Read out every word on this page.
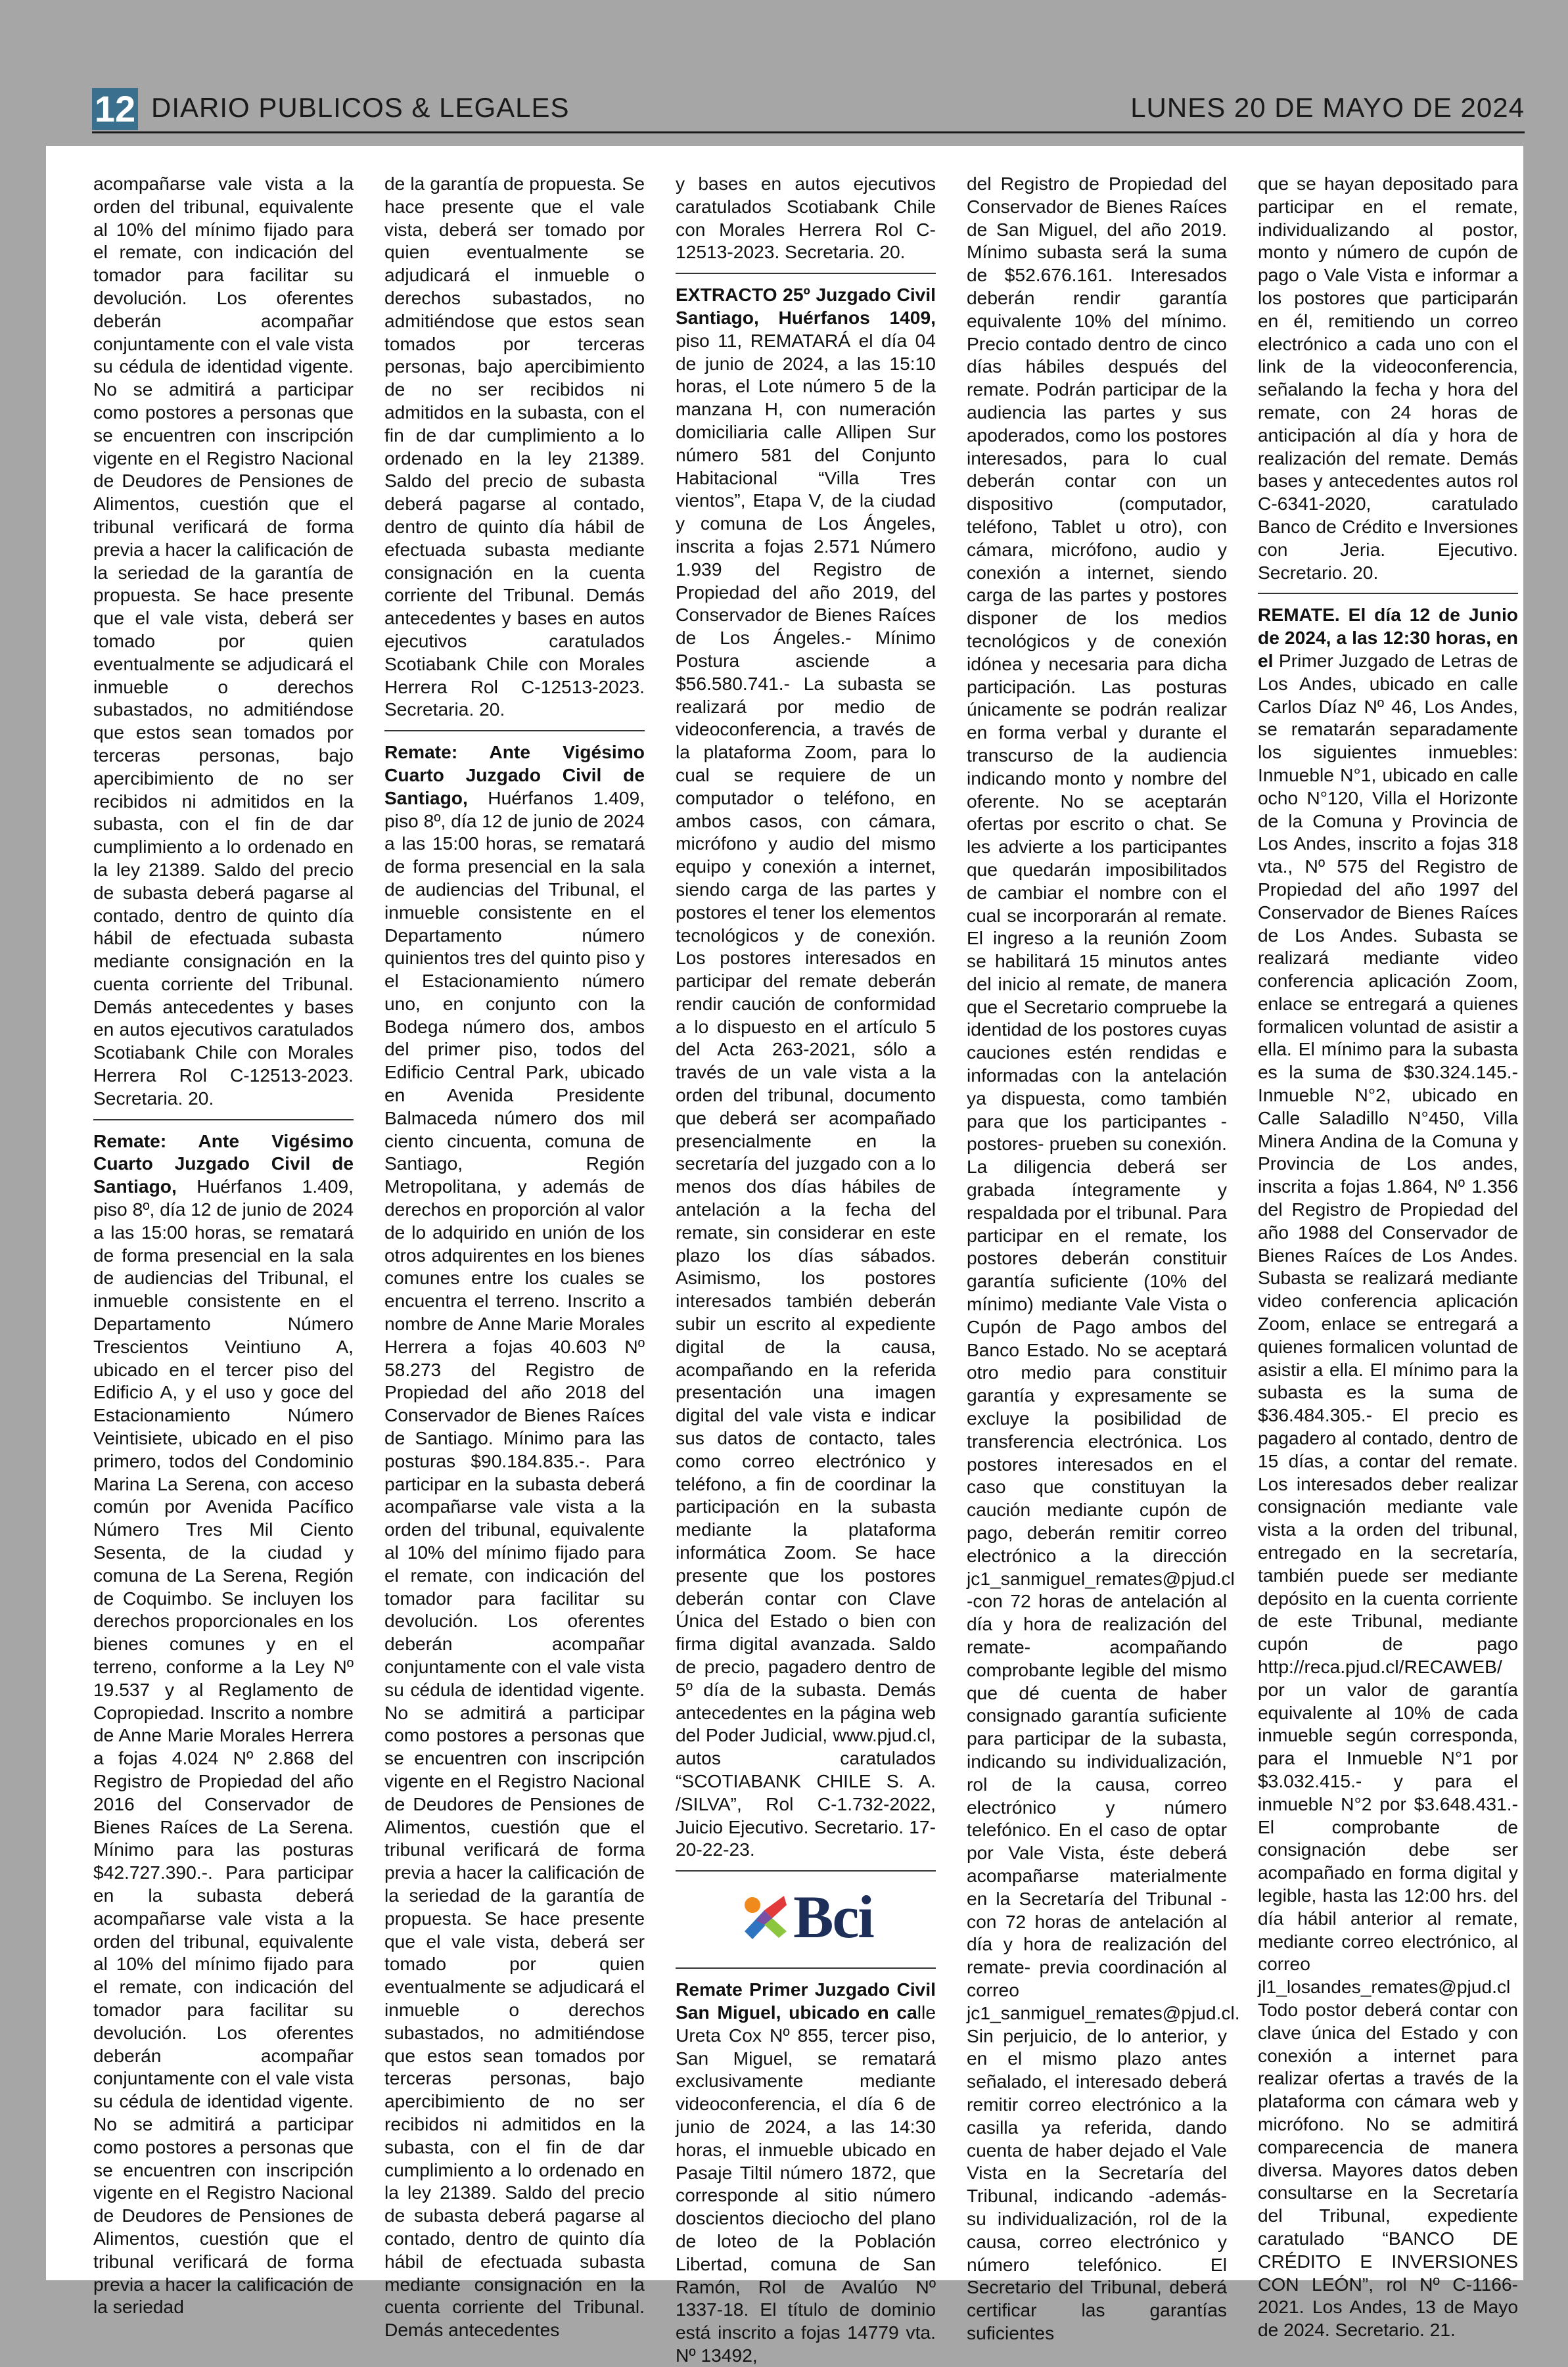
12 DIARIO PUBLICOS & LEGALES	LUNES 20 DE MAYO DE 2024

acompañarse vale vista a la orden del tribunal, equivalente al 10% del mínimo fijado para el remate, con indicación del tomador para facilitar su devolución. Los oferentes deberán acompañar conjuntamente con el vale vista su cédula de identidad vigente. No se admitirá a participar como postores a personas que se encuentren con inscripción vigente en el Registro Nacional de Deudores de Pensiones de Alimentos, cuestión que el tribunal verificará de forma previa a hacer la calificación de la seriedad de la garantía de propuesta. Se hace presente que el vale vista, deberá ser tomado por quien eventualmente se adjudicará el inmueble o derechos subastados, no admitiéndose que estos sean tomados por terceras personas, bajo apercibimiento de no ser recibidos ni admitidos en la subasta, con el fin de dar cumplimiento a lo ordenado en la ley 21389. Saldo del precio de subasta deberá pagarse al contado, dentro de quinto día hábil de efectuada subasta mediante consignación en la cuenta corriente del Tribunal. Demás antecedentes y bases en autos ejecutivos caratulados Scotiabank Chile con Morales Herrera Rol C-12513-2023. Secretaria. 20.

Remate: Ante Vigésimo Cuarto Juzgado Civil de Santiago, Huérfanos 1.409, piso 8º, día 12 de junio de 2024 a las 15:00 horas, se rematará de forma presencial en la sala de audiencias del Tribunal, el inmueble consistente en el Departamento Número Trescientos Veintiuno A, ubicado en el tercer piso del Edificio A, y el uso y goce del Estacionamiento Número Veintisiete, ubicado en el piso primero, todos del Condominio Marina La Serena, con acceso común por Avenida Pacífico Número Tres Mil Ciento Sesenta, de la ciudad y comuna de La Serena, Región de Coquimbo. Se incluyen los derechos proporcionales en los bienes comunes y en el terreno, conforme a la Ley Nº 19.537 y al Reglamento de Copropiedad. Inscrito a nombre de Anne Marie Morales Herrera a fojas 4.024 Nº 2.868 del Registro de Propiedad del año 2016 del Conservador de Bienes Raíces de La Serena. Mínimo para las posturas $42.727.390.-. Para participar en la subasta deberá acompañarse vale vista a la orden del tribunal, equivalente al 10% del mínimo fijado para el remate, con indicación del tomador para facilitar su devolución. Los oferentes deberán acompañar conjuntamente con el vale vista su cédula de identidad vigente. No se admitirá a participar como postores a personas que se encuentren con inscripción vigente en el Registro Nacional de Deudores de Pensiones de Alimentos, cuestión que el tribunal verificará de forma previa a hacer la calificación de la seriedad

de la garantía de propuesta. Se hace presente que el vale vista, deberá ser tomado por quien eventualmente se adjudicará el inmueble o derechos subastados, no admitiéndose que estos sean tomados por terceras personas, bajo apercibimiento de no ser recibidos ni admitidos en la subasta, con el fin de dar cumplimiento a lo ordenado en la ley 21389. Saldo del precio de subasta deberá pagarse al contado, dentro de quinto día hábil de efectuada subasta mediante consignación en la cuenta corriente del Tribunal. Demás antecedentes y bases en autos ejecutivos caratulados Scotiabank Chile con Morales Herrera Rol C-12513-2023. Secretaria. 20.

Remate: Ante Vigésimo Cuarto Juzgado Civil de Santiago, Huérfanos 1.409, piso 8º, día 12 de junio de 2024 a las 15:00 horas, se rematará de forma presencial en la sala de audiencias del Tribunal, el inmueble consistente en el Departamento número quinientos tres del quinto piso y el Estacionamiento número uno, en conjunto con la Bodega número dos, ambos del primer piso, todos del Edificio Central Park, ubicado en Avenida Presidente Balmaceda número dos mil ciento cincuenta, comuna de Santiago, Región Metropolitana, y además de derechos en proporción al valor de lo adquirido en unión de los otros adquirentes en los bienes comunes entre los cuales se encuentra el terreno. Inscrito a nombre de Anne Marie Morales Herrera a fojas 40.603 Nº 58.273 del Registro de Propiedad del año 2018 del Conservador de Bienes Raíces de Santiago. Mínimo para las posturas $90.184.835.-. Para participar en la subasta deberá acompañarse vale vista a la orden del tribunal, equivalente al 10% del mínimo fijado para el remate, con indicación del tomador para facilitar su devolución. Los oferentes deberán acompañar conjuntamente con el vale vista su cédula de identidad vigente. No se admitirá a participar como postores a personas que se encuentren con inscripción vigente en el Registro Nacional de Deudores de Pensiones de Alimentos, cuestión que el tribunal verificará de forma previa a hacer la calificación de la seriedad de la garantía de propuesta. Se hace presente que el vale vista, deberá ser tomado por quien eventualmente se adjudicará el inmueble o derechos subastados, no admitiéndose que estos sean tomados por terceras personas, bajo apercibimiento de no ser recibidos ni admitidos en la subasta, con el fin de dar cumplimiento a lo ordenado en la ley 21389. Saldo del precio de subasta deberá pagarse al contado, dentro de quinto día hábil de efectuada subasta mediante consignación en la cuenta corriente del Tribunal. Demás antecedentes

y bases en autos ejecutivos caratulados Scotiabank Chile con Morales Herrera Rol C-12513-2023. Secretaria. 20.

EXTRACTO 25º Juzgado Civil Santiago, Huérfanos 1409, piso 11, REMATARÁ el día 04 de junio de 2024, a las 15:10 horas, el Lote número 5 de la manzana H, con numeración domiciliaria calle Allipen Sur número 581 del Conjunto Habitacional “Villa Tres vientos”, Etapa V, de la ciudad y comuna de Los Ángeles, inscrita a fojas 2.571 Número 1.939 del Registro de Propiedad del año 2019, del Conservador de Bienes Raíces de Los Ángeles.- Mínimo Postura asciende a $56.580.741.- La subasta se realizará por medio de videoconferencia, a través de la plataforma Zoom, para lo cual se requiere de un computador o teléfono, en ambos casos, con cámara, micrófono y audio del mismo equipo y conexión a internet, siendo carga de las partes y postores el tener los elementos tecnológicos y de conexión. Los postores interesados en participar del remate deberán rendir caución de conformidad a lo dispuesto en el artículo 5 del Acta 263-2021, sólo a través de un vale vista a la orden del tribunal, documento que deberá ser acompañado presencialmente en la secretaría del juzgado con a lo menos dos días hábiles de antelación a la fecha del remate, sin considerar en este plazo los días sábados. Asimismo, los postores interesados también deberán subir un escrito al expediente digital de la causa, acompañando en la referida presentación una imagen digital del vale vista e indicar sus datos de contacto, tales como correo electrónico y teléfono, a fin de coordinar la participación en la subasta mediante la plataforma informática Zoom. Se hace presente que los postores deberán contar con Clave Única del Estado o bien con firma digital avanzada. Saldo de precio, pagadero dentro de 5º día de la subasta. Demás antecedentes en la página web del Poder Judicial, www.pjud.cl, autos caratulados “SCOTIABANK CHILE S. A. /SILVA”, Rol C-1.732-2022, Juicio Ejecutivo. Secretario. 17-20-22-23.

Bci

Remate Primer Juzgado Civil San Miguel, ubicado en calle Ureta Cox Nº 855, tercer piso, San Miguel, se rematará exclusivamente mediante videoconferencia, el día 6 de junio de 2024, a las 14:30 horas, el inmueble ubicado en Pasaje Tiltil número 1872, que corresponde al sitio número doscientos dieciocho del plano de loteo de la Población Libertad, comuna de San Ramón, Rol de Avalúo Nº 1337-18. El título de dominio está inscrito a fojas 14779 vta. Nº 13492,

del Registro de Propiedad del Conservador de Bienes Raíces de San Miguel, del año 2019. Mínimo subasta será la suma de $52.676.161. Interesados deberán rendir garantía equivalente 10% del mínimo. Precio contado dentro de cinco días hábiles después del remate. Podrán participar de la audiencia las partes y sus apoderados, como los postores interesados, para lo cual deberán contar con un dispositivo (computador, teléfono, Tablet u otro), con cámara, micrófono, audio y conexión a internet, siendo carga de las partes y postores disponer de los medios tecnológicos y de conexión idónea y necesaria para dicha participación. Las posturas únicamente se podrán realizar en forma verbal y durante el transcurso de la audiencia indicando monto y nombre del oferente. No se aceptarán ofertas por escrito o chat. Se les advierte a los participantes que quedarán imposibilitados de cambiar el nombre con el cual se incorporarán al remate. El ingreso a la reunión Zoom se habilitará 15 minutos antes del inicio al remate, de manera que el Secretario compruebe la identidad de los postores cuyas cauciones estén rendidas e informadas con la antelación ya dispuesta, como también para que los participantes -postores- prueben su conexión. La diligencia deberá ser grabada íntegramente y respaldada por el tribunal. Para participar en el remate, los postores deberán constituir garantía suficiente (10% del mínimo) mediante Vale Vista o Cupón de Pago ambos del Banco Estado. No se aceptará otro medio para constituir garantía y expresamente se excluye la posibilidad de transferencia electrónica. Los postores interesados en el caso que constituyan la caución mediante cupón de pago, deberán remitir correo electrónico a la dirección jc1_sanmiguel_remates@pjud.cl -con 72 horas de antelación al día y hora de realización del remate- acompañando comprobante legible del mismo que dé cuenta de haber consignado garantía suficiente para participar de la subasta, indicando su individualización, rol de la causa, correo electrónico y número telefónico. En el caso de optar por Vale Vista, éste deberá acompañarse materialmente en la Secretaría del Tribunal -con 72 horas de antelación al día y hora de realización del remate- previa coordinación al correo jc1_sanmiguel_remates@pjud.cl. Sin perjuicio, de lo anterior, y en el mismo plazo antes señalado, el interesado deberá remitir correo electrónico a la casilla ya referida, dando cuenta de haber dejado el Vale Vista en la Secretaría del Tribunal, indicando -además- su individualización, rol de la causa, correo electrónico y número telefónico. El Secretario del Tribunal, deberá certificar las garantías suficientes

que se hayan depositado para participar en el remate, individualizando al postor, monto y número de cupón de pago o Vale Vista e informar a los postores que participarán en él, remitiendo un correo electrónico a cada uno con el link de la videoconferencia, señalando la fecha y hora del remate, con 24 horas de anticipación al día y hora de realización del remate. Demás bases y antecedentes autos rol C-6341-2020, caratulado Banco de Crédito e Inversiones con Jeria. Ejecutivo. Secretario. 20.

REMATE. El día 12 de Junio de 2024, a las 12:30 horas, en el Primer Juzgado de Letras de Los Andes, ubicado en calle Carlos Díaz Nº 46, Los Andes, se rematarán separadamente los siguientes inmuebles: Inmueble N°1, ubicado en calle ocho N°120, Villa el Horizonte de la Comuna y Provincia de Los Andes, inscrito a fojas 318 vta., Nº 575 del Registro de Propiedad del año 1997 del Conservador de Bienes Raíces de Los Andes. Subasta se realizará mediante video conferencia aplicación Zoom, enlace se entregará a quienes formalicen voluntad de asistir a ella. El mínimo para la subasta es la suma de $30.324.145.- Inmueble N°2, ubicado en Calle Saladillo N°450, Villa Minera Andina de la Comuna y Provincia de Los andes, inscrita a fojas 1.864, Nº 1.356 del Registro de Propiedad del año 1988 del Conservador de Bienes Raíces de Los Andes. Subasta se realizará mediante video conferencia aplicación Zoom, enlace se entregará a quienes formalicen voluntad de asistir a ella. El mínimo para la subasta es la suma de $36.484.305.- El precio es pagadero al contado, dentro de 15 días, a contar del remate. Los interesados deber realizar consignación mediante vale vista a la orden del tribunal, entregado en la secretaría, también puede ser mediante depósito en la cuenta corriente de este Tribunal, mediante cupón de pago http://reca.pjud.cl/RECAWEB/ por un valor de garantía equivalente al 10% de cada inmueble según corresponda, para el Inmueble N°1 por $3.032.415.- y para el inmueble N°2 por $3.648.431.- El comprobante de consignación debe ser acompañado en forma digital y legible, hasta las 12:00 hrs. del día hábil anterior al remate, mediante correo electrónico, al correo jl1_losandes_remates@pjud.cl Todo postor deberá contar con clave única del Estado y con conexión a internet para realizar ofertas a través de la plataforma con cámara web y micrófono. No se admitirá comparecencia de manera diversa. Mayores datos deben consultarse en la Secretaría del Tribunal, expediente caratulado “BANCO DE CRÉDITO E INVERSIONES CON LEÓN”, rol Nº C-1166-2021. Los Andes, 13 de Mayo de 2024. Secretario. 21.
